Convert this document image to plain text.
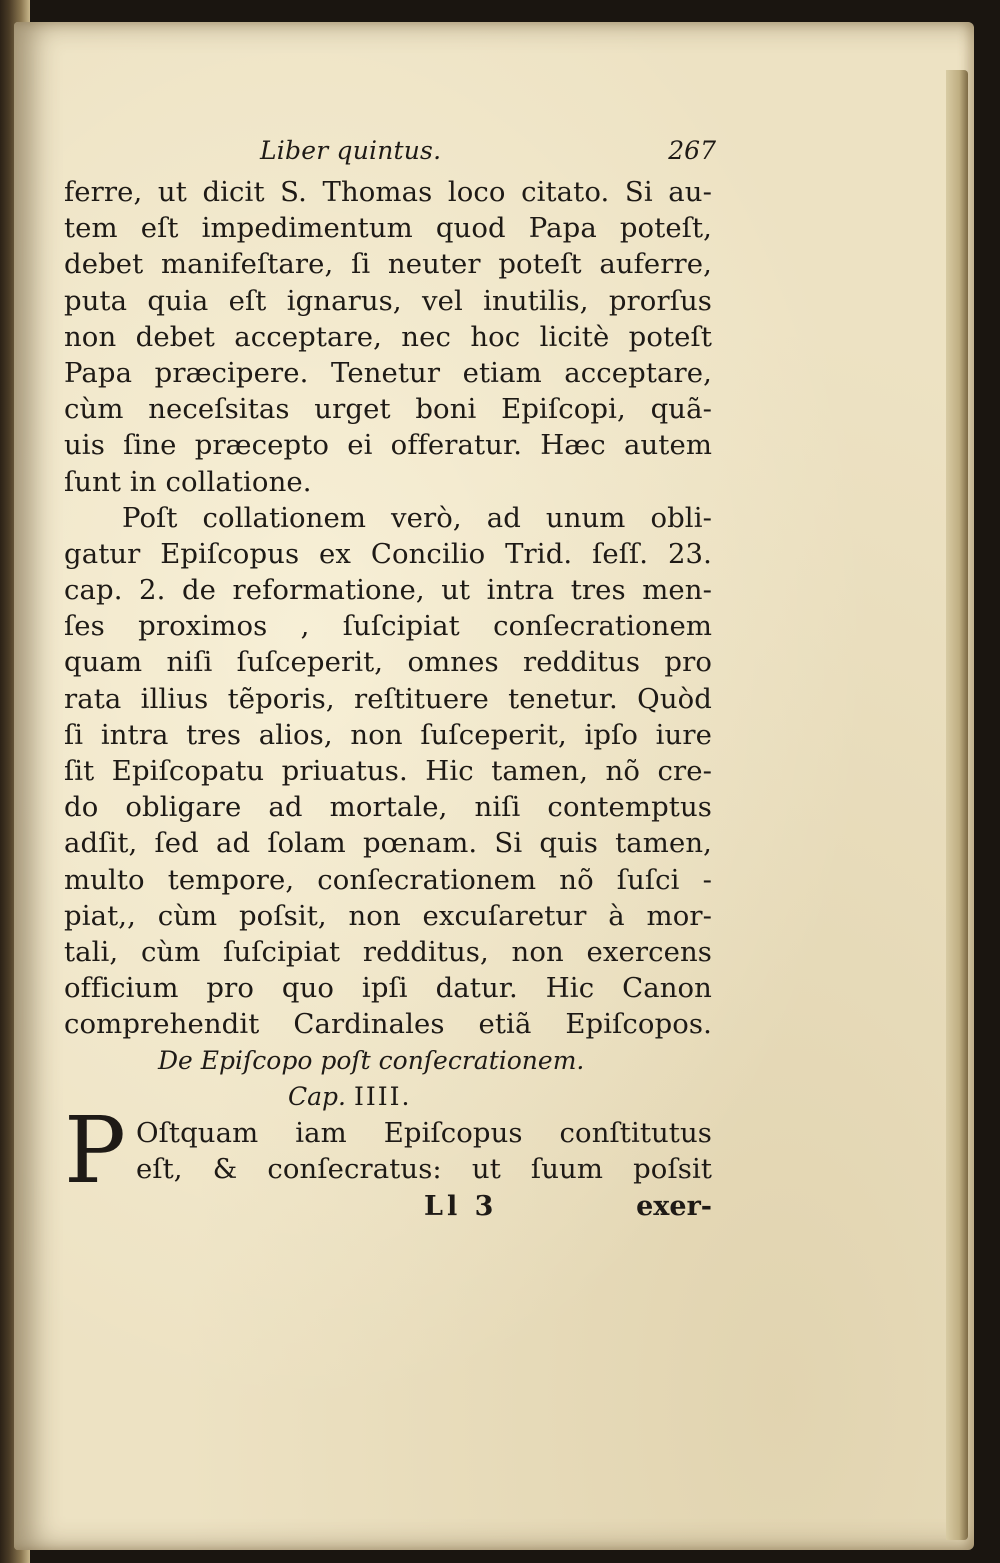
Liber quintus.	267
ferre, ut dicit S. Thomas loco citato. Si au-
tem eſt impedimentum quod Papa poteſt,
debet manifeſtare, ſi neuter poteſt auferre,
puta quia eſt ignarus, vel inutilis, prorſus
non debet acceptare, nec hoc licitè poteſt
Papa præcipere. Tenetur etiam acceptare,
cùm neceſsitas urget boni Epiſcopi, quã-
uis ſine præcepto ei offeratur. Hæc autem
ſunt in collatione.
Poſt collationem verò, ad unum obli-
gatur Epiſcopus ex Concilio Trid. ſeſſ. 23.
cap. 2. de reformatione, ut intra tres men-
ſes proximos , ſuſcipiat conſecrationem
quam niſi ſuſceperit, omnes redditus pro
rata illius tẽporis, reſtituere tenetur. Quòd
ſi intra tres alios, non ſuſceperit, ipſo iure
ſit Epiſcopatu priuatus. Hic tamen, nõ cre-
do obligare ad mortale, niſi contemptus
adſit, ſed ad ſolam pœnam. Si quis tamen,
multo tempore, conſecrationem nõ ſuſci -
piat,, cùm poſsit, non excuſaretur à mor-
tali, cùm ſuſcipiat redditus, non exercens
officium pro quo ipſi datur. Hic Canon
comprehendit Cardinales etiã Epiſcopos.
De Epiſcopo poſt conſecrationem.
Cap. IIII.
P Oſtquam iam Epiſcopus conſtitutus
eſt, & conſecratus: ut ſuum poſsit
Ll 3	exer-
